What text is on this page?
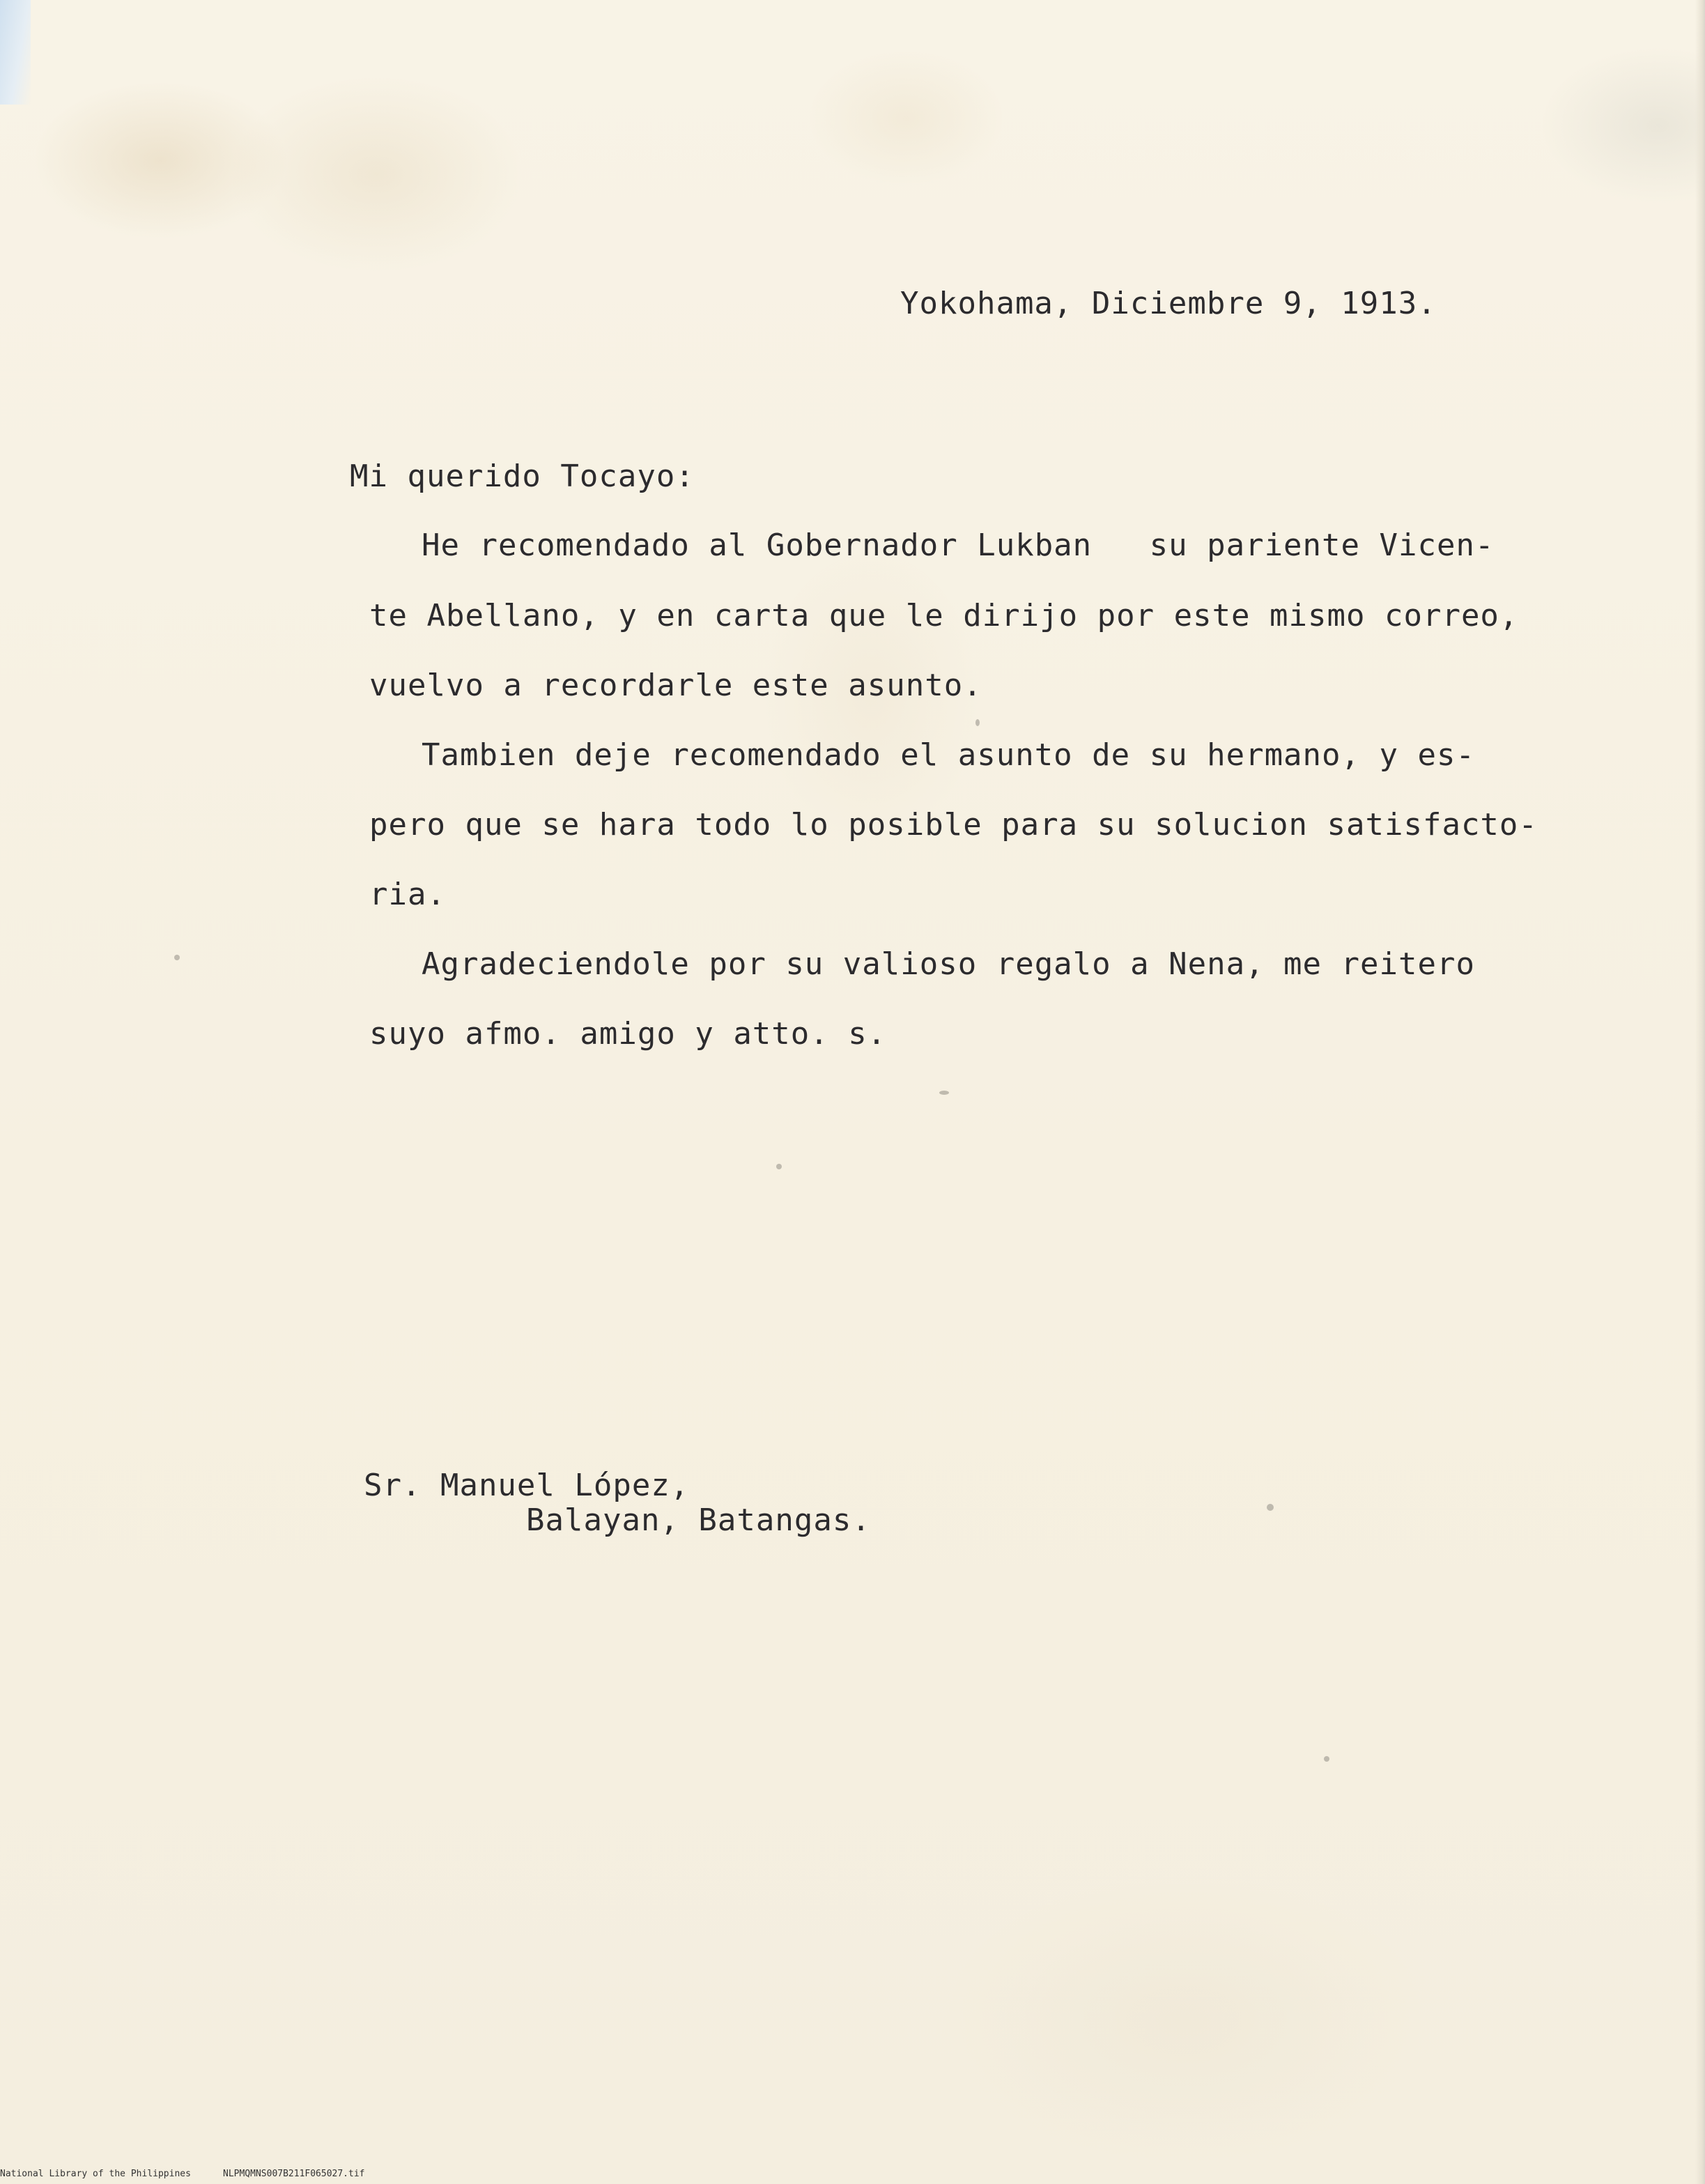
Yokohama, Diciembre 9, 1913.
Mi querido Tocayo:
He recomendado al Gobernador Lukban   su pariente Vicen-
te Abellano, y en carta que le dirijo por este mismo correo,
vuelvo a recordarle este asunto.
Tambien deje recomendado el asunto de su hermano, y es-
pero que se hara todo lo posible para su solucion satisfacto-
ria.
Agradeciendole por su valioso regalo a Nena, me reitero
suyo afmo. amigo y atto. s.
Sr. Manuel López,
Balayan, Batangas.
National Library of the Philippines	NLPMQMNS007B211F065027.tif
